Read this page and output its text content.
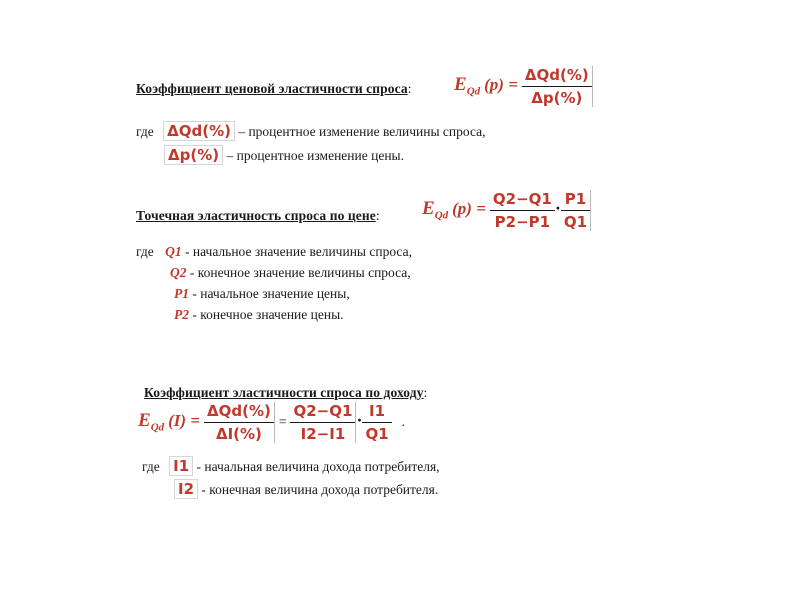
Коэффициент ценовой эластичности спроса: $E_{Qd}$ $(p) = \frac{\text{ΔQd(\%)}}{\Delta p(\%)}$
где ΔQd(%) – процентное изменение величины спроса,
Δp(%) – процентное изменение цены.
Точечная эластичность спроса по цене: $E_{Qd}$ $(p) = \frac{Q2-Q1}{P2-P1} \cdot \frac{P1}{Q1}$
где Q1 - начальное значение величины спроса,
Q2 - конечное значение величины спроса,
P1 - начальное значение цены,
P2 - конечное значение цены.
Коэффициент эластичности спроса по доходу:
$E_{Qd}$ $(I) = \frac{\text{ΔQd(\%)}}{\Delta I(\%)} = \frac{Q2-Q1}{I2-I1} \cdot \frac{I1}{Q1}$ .
где I1 - начальная величина дохода потребителя,
I2 - конечная величина дохода потребителя.
